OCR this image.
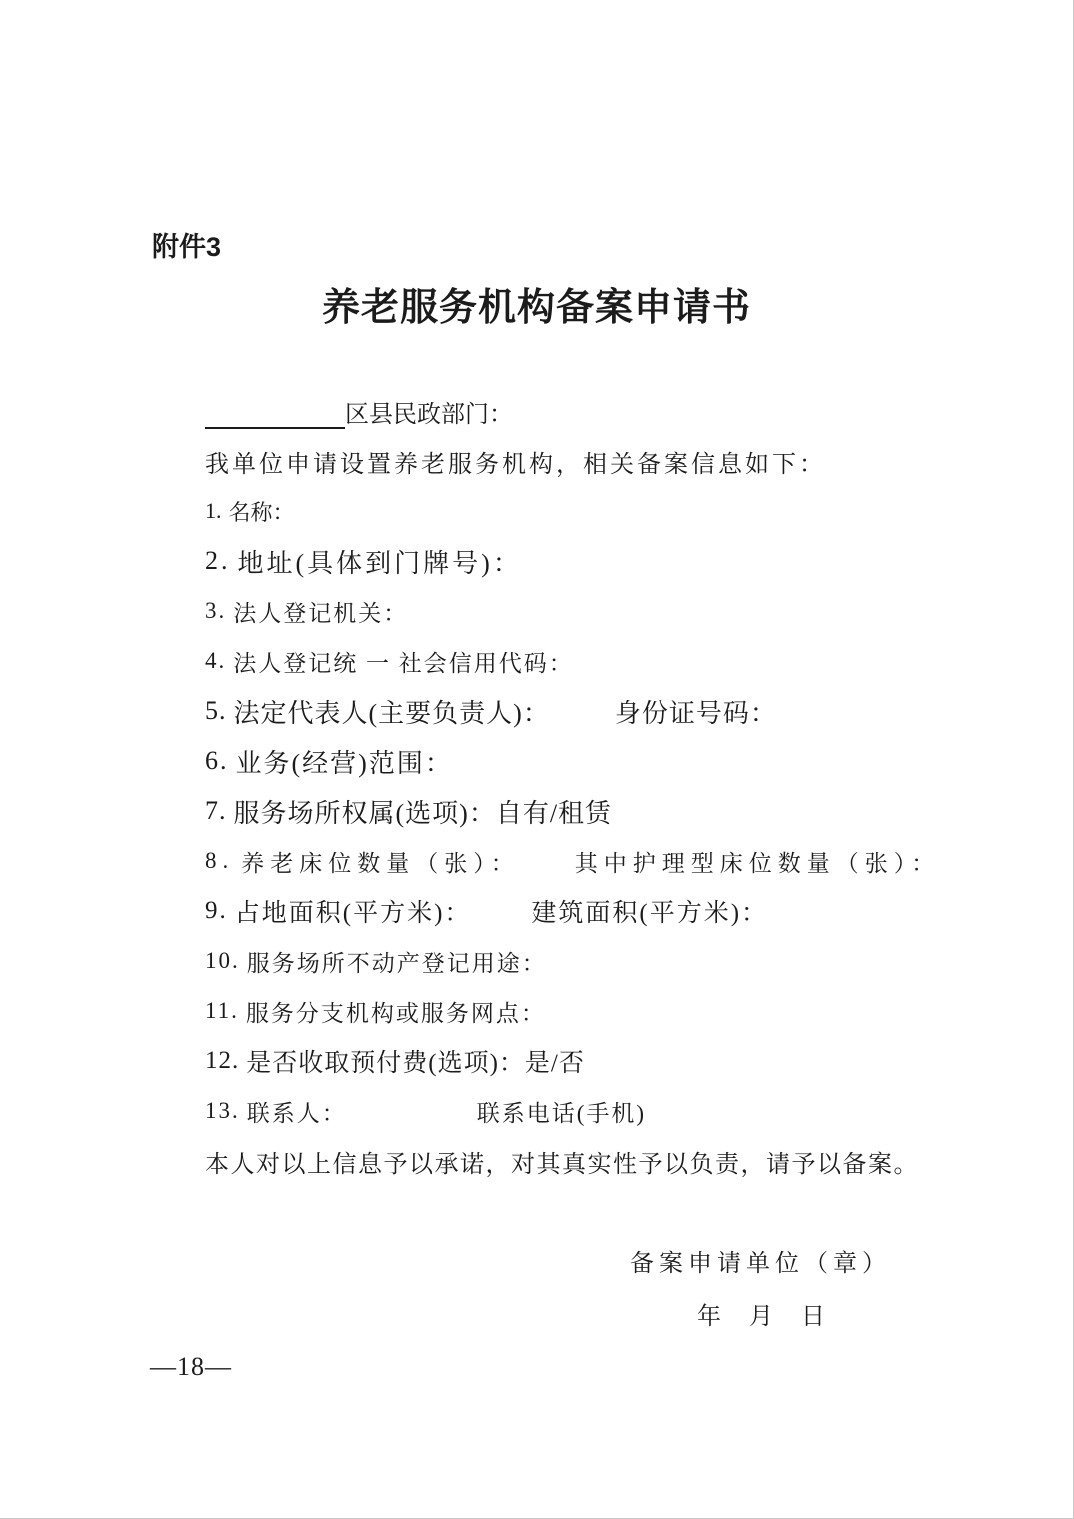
附件3
养老服务机构备案申请书
区县民政部门：
我单位申请设置养老服务机构，相关备案信息如下：
1. 名称：
2. 地址(具体到门牌号)：
3. 法人登记机关：
4. 法人登记统 一 社会信用代码：
5. 法定代表人(主要负责人)：	身份证号码：
6. 业务(经营)范围：
7. 服务场所权属(选项)：自有/租赁
8. 养老床位数量（张）： 其中护理型床位数量（张）：
9. 占地面积(平方米)： 建筑面积(平方米)：
10. 服务场所不动产登记用途：
11. 服务分支机构或服务网点：
12. 是否收取预付费(选项)：是/否
13. 联系人：	联系电话(手机)
本人对以上信息予以承诺，对其真实性予以负责，请予以备案。
备案申请单位（章）
年　月　日
—18—
